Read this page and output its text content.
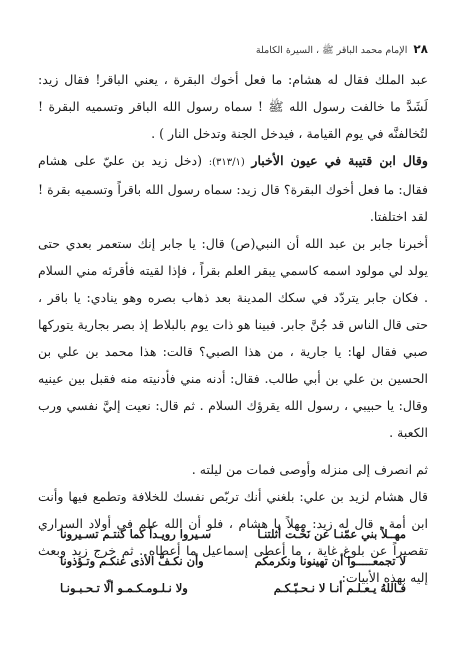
٢٨
الإمام محمد الباقر ﷺ ، السيرة الكاملة

عبد الملك فقال له هشام: ما فعل أخوك البقرة ، يعني الباقر! فقال زيد: لَشَدَّ ما خالفت رسول الله ﷺ ! سماه رسول الله الباقر وتسميه البقرة ! لتُخالفنَّه في يوم القيامة ، فيدخل الجنة وتدخل النار ) .

وقال ابن قتيبة في عيون الأخبار (٣١٣/١): (دخل زيد بن عليّ على هشام فقال: ما فعل أخوك البقرة؟ قال زيد: سماه رسول الله باقراً وتسميه بقرة ! لقد اختلفتا.

أخبرنا جابر بن عبد الله أن النبي(ص) قال: يا جابر إنك ستعمر بعدي حتى يولد لي مولود اسمه كاسمي يبقر العلم بقراً ، فإذا لقيته فأقرئه مني السلام . فكان جابر يتردّد في سكك المدينة بعد ذهاب بصره وهو ينادي: يا باقر ، حتى قال الناس قد جُنَّ جابر. فبينا هو ذات يوم بالبلاط إذ بصر بجارية يتوركها صبي فقال لها: يا جارية ، من هذا الصبي؟ قالت: هذا محمد بن علي بن الحسين بن علي بن أبي طالب. فقال: أدنه مني فأدنيته منه فقبل بين عينيه وقال: يا حبيبي ، رسول الله يقرؤك السلام . ثم قال: نعيت إليَّ نفسي ورب الكعبة .

ثم انصرف إلى منزله وأوصى فمات من ليلته .

قال هشام لزيد بن علي: بلغني أنك تربّص نفسك للخلافة وتطمع فيها وأنت ابن أمة . قال له زيد: مهلاً يا هشام ، فلو أن الله علم في أولاد السراري تقصيراً عن بلوغ غاية ، ما أعطى إسماعيل ما أعطاه . ثم خرج زيد وبعث إليه بهذه الأبيات:

مهــلاً بني عمّنـا عن نَحْـت أثلتنـا
سـيروا رويـداً كما كنتـم تسـيرونا
لا تجمعـــــوا أن تهينونا ونكرمكم
وأن نكـفَّ الأذى عنكـم وتـؤذونا
فـاللهُ يـعـلـم أنـا لا نـحـبّـكـم
ولا نـلـومـكـمـو ألّا تـحـبـونـا
